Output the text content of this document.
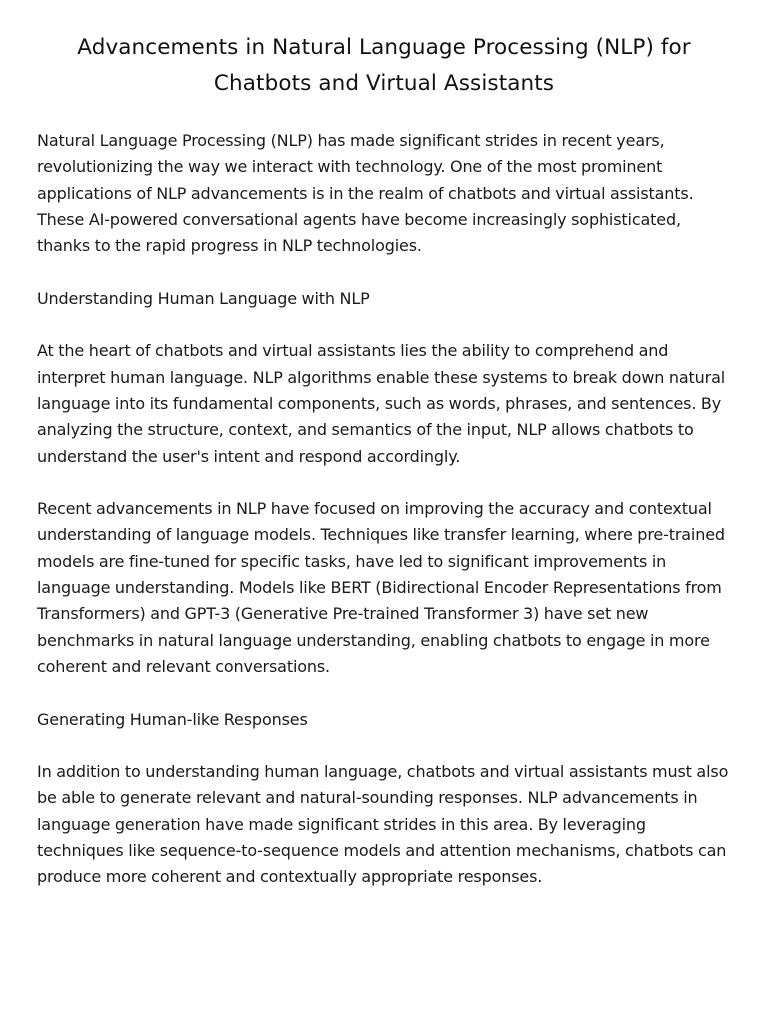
Advancements in Natural Language Processing (NLP) for
Chatbots and Virtual Assistants

Natural Language Processing (NLP) has made significant strides in recent years, revolutionizing the way we interact with technology. One of the most prominent applications of NLP advancements is in the realm of chatbots and virtual assistants. These AI-powered conversational agents have become increasingly sophisticated, thanks to the rapid progress in NLP technologies.

Understanding Human Language with NLP

At the heart of chatbots and virtual assistants lies the ability to comprehend and interpret human language. NLP algorithms enable these systems to break down natural language into its fundamental components, such as words, phrases, and sentences. By analyzing the structure, context, and semantics of the input, NLP allows chatbots to understand the user's intent and respond accordingly.

Recent advancements in NLP have focused on improving the accuracy and contextual understanding of language models. Techniques like transfer learning, where pre-trained models are fine-tuned for specific tasks, have led to significant improvements in language understanding. Models like BERT (Bidirectional Encoder Representations from Transformers) and GPT-3 (Generative Pre-trained Transformer 3) have set new benchmarks in natural language understanding, enabling chatbots to engage in more coherent and relevant conversations.

Generating Human-like Responses

In addition to understanding human language, chatbots and virtual assistants must also be able to generate relevant and natural-sounding responses. NLP advancements in language generation have made significant strides in this area. By leveraging techniques like sequence-to-sequence models and attention mechanisms, chatbots can produce more coherent and contextually appropriate responses.
